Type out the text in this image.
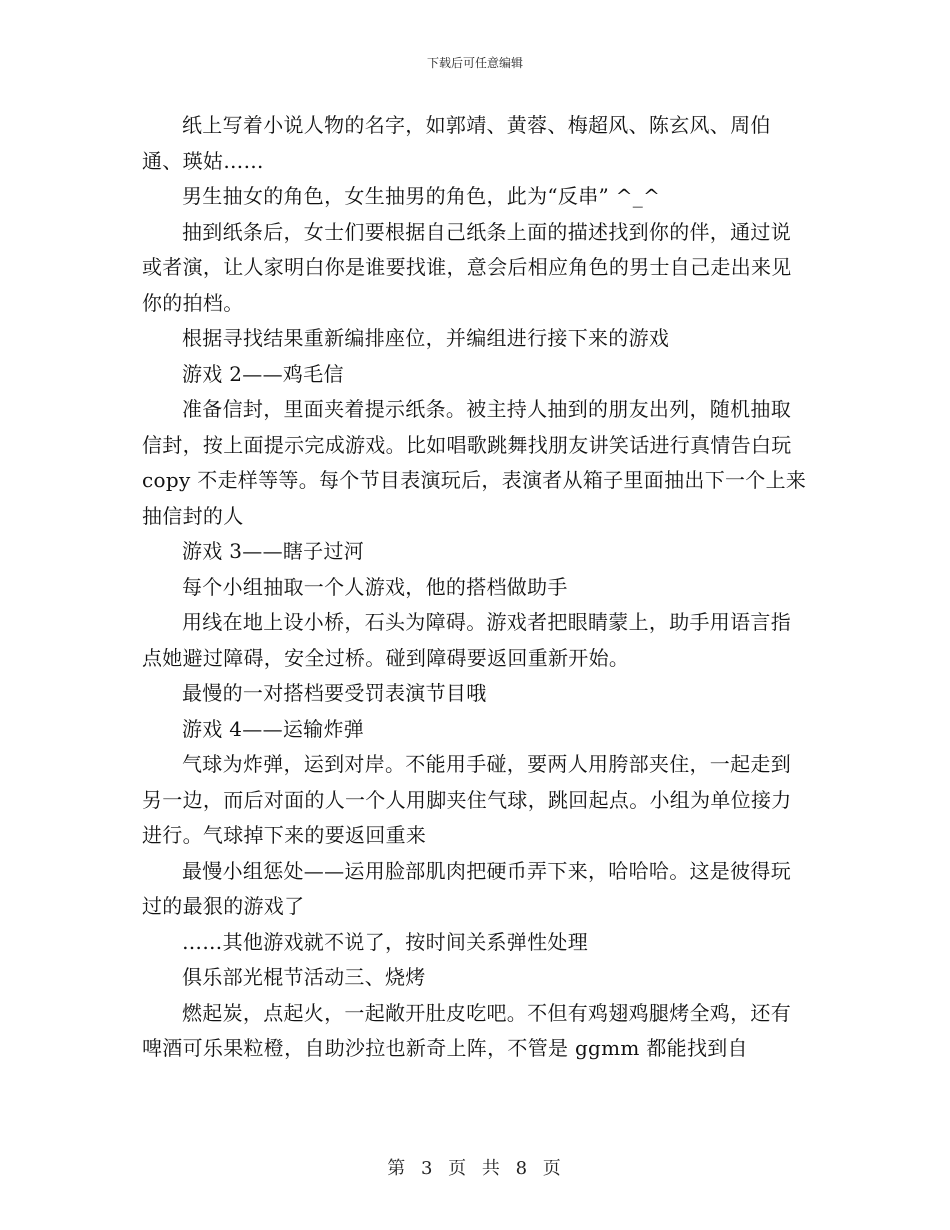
下载后可任意编辑

纸上写着小说人物的名字，如郭靖、黄蓉、梅超风、陈玄风、周伯通、瑛姑……

男生抽女的角色，女生抽男的角色，此为“反串” ^_^

抽到纸条后，女士们要根据自己纸条上面的描述找到你的伴，通过说或者演，让人家明白你是谁要找谁，意会后相应角色的男士自己走出来见你的拍档。

根据寻找结果重新编排座位，并编组进行接下来的游戏

游戏 2——鸡毛信

准备信封，里面夹着提示纸条。被主持人抽到的朋友出列，随机抽取信封，按上面提示完成游戏。比如唱歌跳舞找朋友讲笑话进行真情告白玩 copy 不走样等等。每个节目表演玩后，表演者从箱子里面抽出下一个上来抽信封的人

游戏 3——瞎子过河

每个小组抽取一个人游戏，他的搭档做助手

用线在地上设小桥，石头为障碍。游戏者把眼睛蒙上，助手用语言指点她避过障碍，安全过桥。碰到障碍要返回重新开始。

最慢的一对搭档要受罚表演节目哦

游戏 4——运输炸弹

气球为炸弹，运到对岸。不能用手碰，要两人用胯部夹住，一起走到另一边，而后对面的人一个人用脚夹住气球，跳回起点。小组为单位接力进行。气球掉下来的要返回重来

最慢小组惩处——运用脸部肌肉把硬币弄下来，哈哈哈。这是彼得玩过的最狠的游戏了

……其他游戏就不说了，按时间关系弹性处理

俱乐部光棍节活动三、烧烤

燃起炭，点起火，一起敞开肚皮吃吧。不但有鸡翅鸡腿烤全鸡，还有啤酒可乐果粒橙，自助沙拉也新奇上阵，不管是 ggmm 都能找到自

第 3 页 共 8 页
